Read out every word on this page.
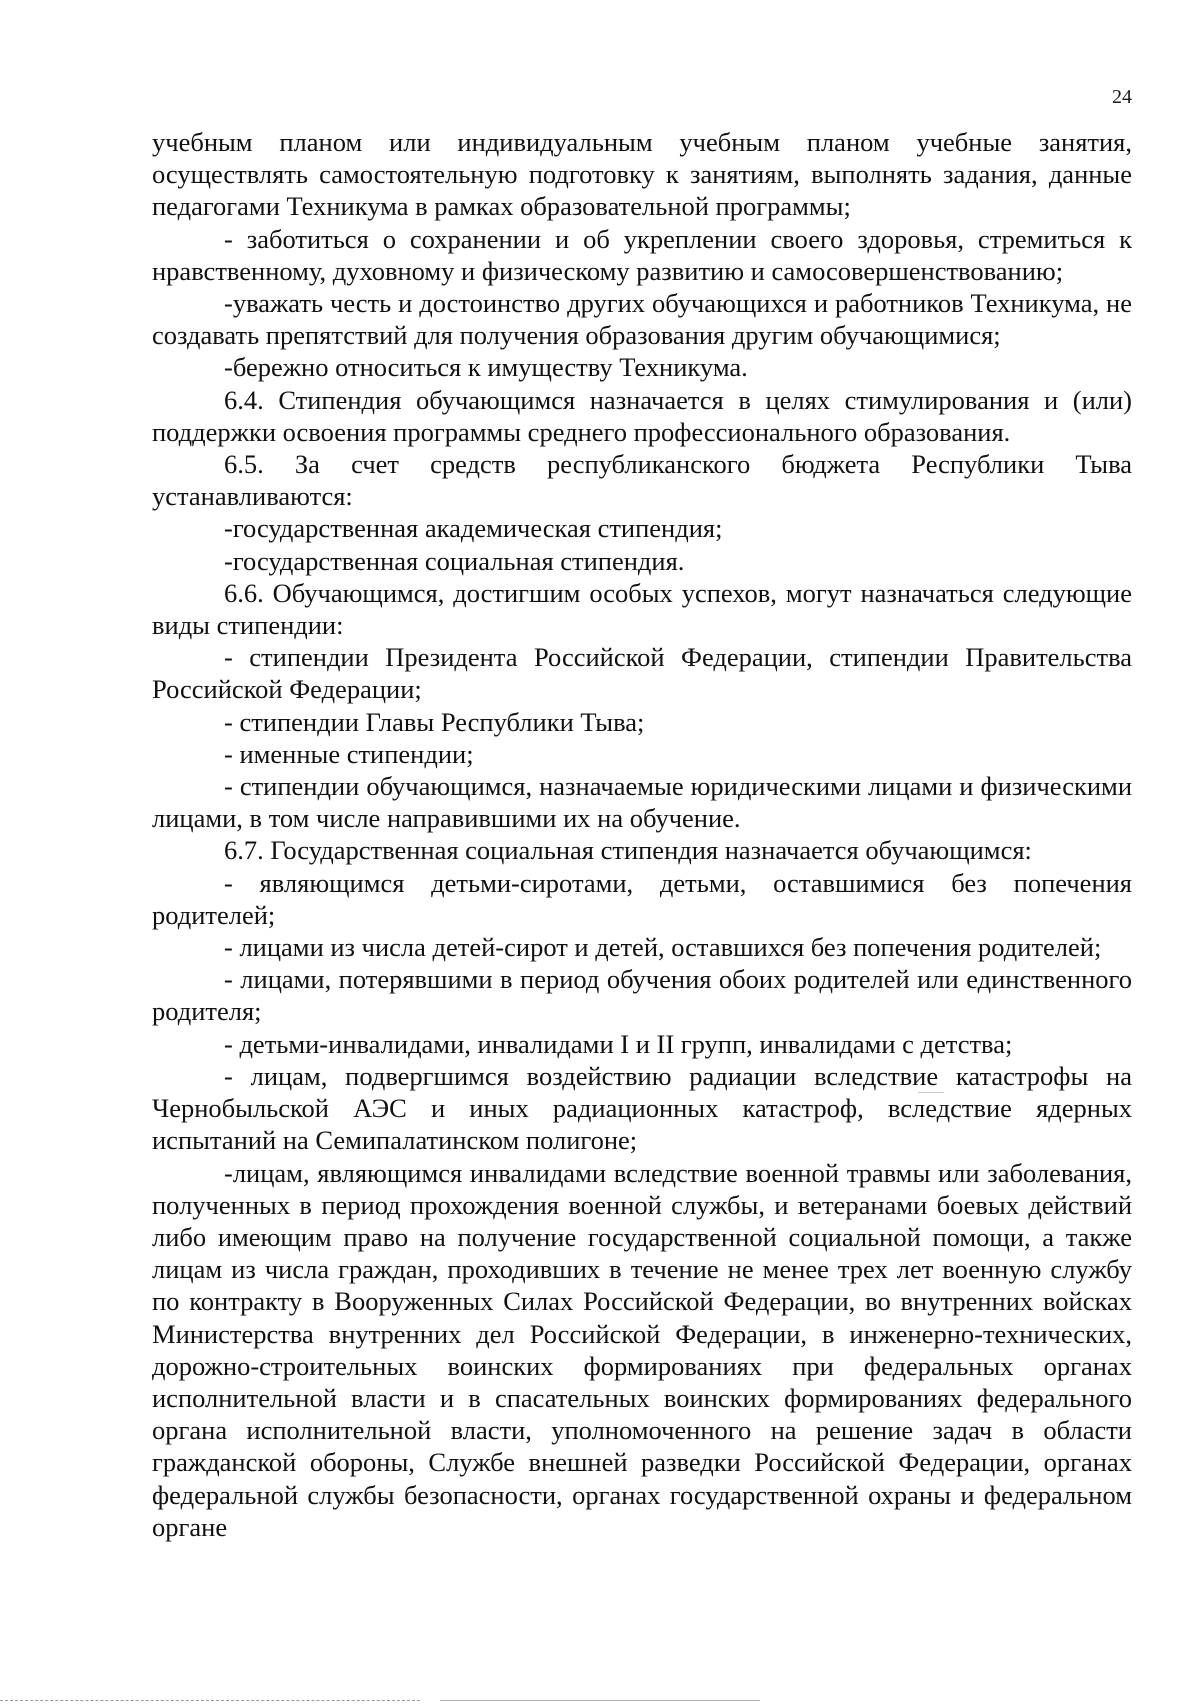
24

учебным планом или индивидуальным учебным планом учебные занятия, осуществлять самостоятельную подготовку к занятиям, выполнять задания, данные педагогами Техникума в рамках образовательной программы;

- заботиться о сохранении и об укреплении своего здоровья, стремиться к нравственному, духовному и физическому развитию и самосовершенствованию;

-уважать честь и достоинство других обучающихся и работников Техникума, не создавать препятствий для получения образования другим обучающимися;

-бережно относиться к имуществу Техникума.

6.4. Стипендия обучающимся назначается в целях стимулирования и (или) поддержки освоения программы среднего профессионального образования.

6.5. За счет средств республиканского бюджета Республики Тыва устанавливаются:

-государственная академическая стипендия;

-государственная социальная стипендия.

6.6. Обучающимся, достигшим особых успехов, могут назначаться следующие виды стипендии:

- стипендии Президента Российской Федерации, стипендии Правительства Российской Федерации;

- стипендии Главы Республики Тыва;

- именные стипендии;

- стипендии обучающимся, назначаемые юридическими лицами и физическими лицами, в том числе направившими их на обучение.

6.7. Государственная социальная стипендия назначается обучающимся:

- являющимся детьми-сиротами, детьми, оставшимися без попечения родителей;

- лицами из числа детей-сирот и детей, оставшихся без попечения родителей;

- лицами, потерявшими в период обучения обоих родителей или единственного родителя;

- детьми-инвалидами, инвалидами I и II групп, инвалидами с детства;

- лицам, подвергшимся воздействию радиации вследствие катастрофы на Чернобыльской АЭС и иных радиационных катастроф, вследствие ядерных испытаний на Семипалатинском полигоне;

-лицам, являющимся инвалидами вследствие военной травмы или заболевания, полученных в период прохождения военной службы, и ветеранами боевых действий либо имеющим право на получение государственной социальной помощи, а также лицам из числа граждан, проходивших в течение не менее трех лет военную службу по контракту в Вооруженных Силах Российской Федерации, во внутренних войсках Министерства внутренних дел Российской Федерации, в инженерно-технических, дорожно-строительных воинских формированиях при федеральных органах исполнительной власти и в спасательных воинских формированиях федерального органа исполнительной власти, уполномоченного на решение задач в области гражданской обороны, Службе внешней разведки Российской Федерации, органах федеральной службы безопасности, органах государственной охраны и федеральном органе
